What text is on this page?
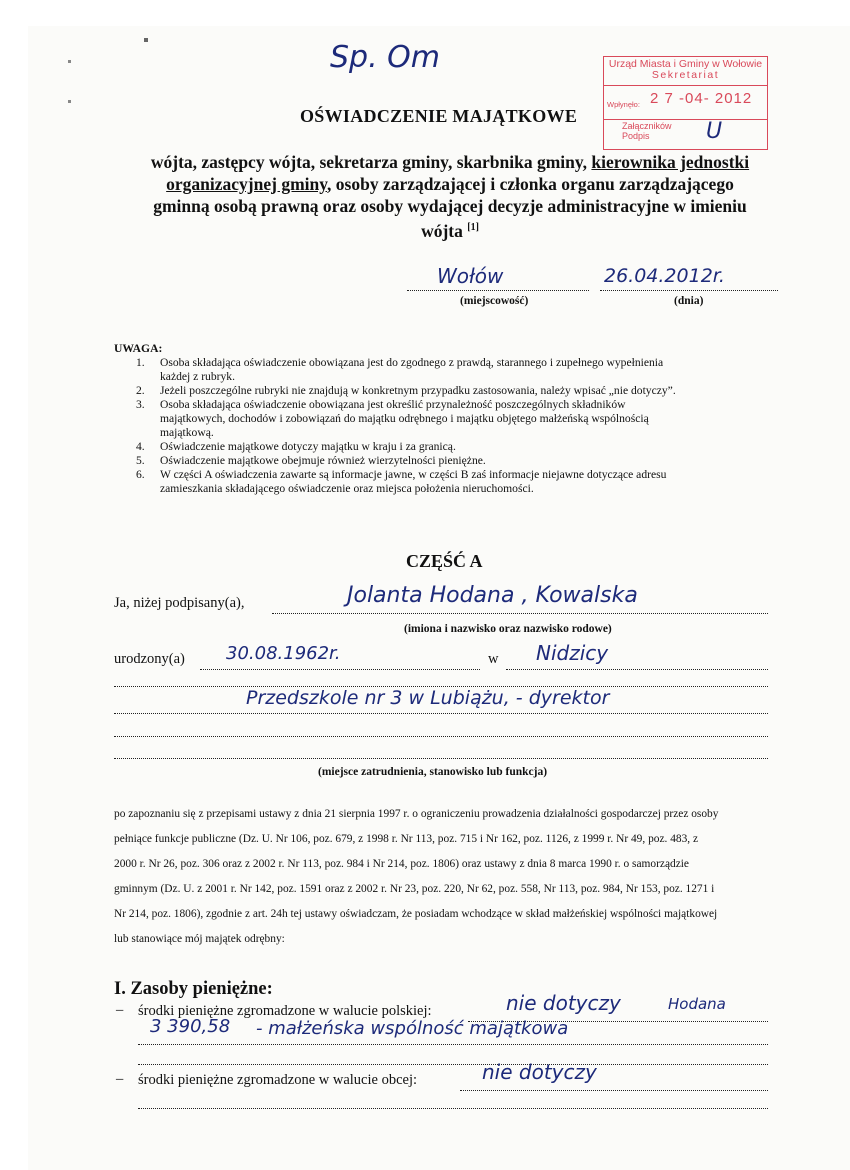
Sp. Om
OŚWIADCZENIE MAJĄTKOWE
Urząd Miasta i Gminy w Wołowie
Sekretariat
Wpłynęło: 2 7 -04- 2012
Załączników
Podpis	U
wójta, zastępcy wójta, sekretarza gminy, skarbnika gminy, kierownika jednostki
organizacyjnej gminy, osoby zarządzającej i członka organu zarządzającego
gminną osobą prawną oraz osoby wydającej decyzje administracyjne w imieniu
wójta [1]
Wołów	26.04.2012r.
(miejscowość)	(dnia)
UWAGA:
1. Osoba składająca oświadczenie obowiązana jest do zgodnego z prawdą, starannego i zupełnego wypełnienia
każdej z rubryk.
2. Jeżeli poszczególne rubryki nie znajdują w konkretnym przypadku zastosowania, należy wpisać „nie dotyczy”.
3. Osoba składająca oświadczenie obowiązana jest określić przynależność poszczególnych składników
majątkowych, dochodów i zobowiązań do majątku odrębnego i majątku objętego małżeńską wspólnością
majątkową.
4. Oświadczenie majątkowe dotyczy majątku w kraju i za granicą.
5. Oświadczenie majątkowe obejmuje również wierzytelności pieniężne.
6. W części A oświadczenia zawarte są informacje jawne, w części B zaś informacje niejawne dotyczące adresu
zamieszkania składającego oświadczenie oraz miejsca położenia nieruchomości.
CZĘŚĆ A
Ja, niżej podpisany(a),	Jolanta Hodana , Kowalska
(imiona i nazwisko oraz nazwisko rodowe)
urodzony(a) 30.08.1962r.	w Nidzicy
Przedszkole nr 3 w Lubiążu, - dyrektor
(miejsce zatrudnienia, stanowisko lub funkcja)
po zapoznaniu się z przepisami ustawy z dnia 21 sierpnia 1997 r. o ograniczeniu prowadzenia działalności gospodarczej przez osoby
pełniące funkcje publiczne (Dz. U. Nr 106, poz. 679, z 1998 r. Nr 113, poz. 715 i Nr 162, poz. 1126, z 1999 r. Nr 49, poz. 483, z
2000 r. Nr 26, poz. 306 oraz z 2002 r. Nr 113, poz. 984 i Nr 214, poz. 1806) oraz ustawy z dnia 8 marca 1990 r. o samorządzie
gminnym (Dz. U. z 2001 r. Nr 142, poz. 1591 oraz z 2002 r. Nr 23, poz. 220, Nr 62, poz. 558, Nr 113, poz. 984, Nr 153, poz. 1271 i
Nr 214, poz. 1806), zgodnie z art. 24h tej ustawy oświadczam, że posiadam wchodzące w skład małżeńskiej wspólności majątkowej
lub stanowiące mój majątek odrębny:
I. Zasoby pieniężne:
– środki pieniężne zgromadzone w walucie polskiej:	nie dotyczy	Hodana
3 390,58 - małżeńska wspólność majątkowa
– środki pieniężne zgromadzone w walucie obcej:	nie dotyczy
